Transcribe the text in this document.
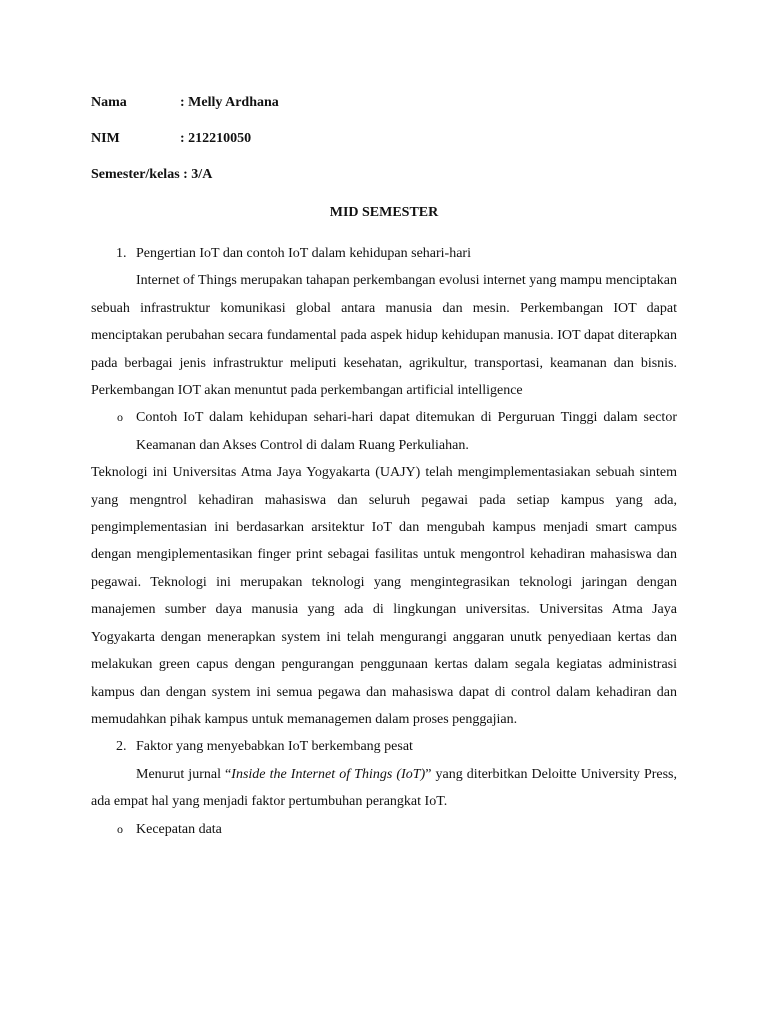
Nama	: Melly Ardhana
NIM	: 212210050
Semester/kelas : 3/A
MID SEMESTER
1. Pengertian IoT dan contoh IoT dalam kehidupan sehari-hari

Internet of Things merupakan tahapan perkembangan evolusi internet yang mampu menciptakan sebuah infrastruktur komunikasi global antara manusia dan mesin. Perkembangan IOT dapat menciptakan perubahan secara fundamental pada aspek hidup kehidupan manusia. IOT dapat diterapkan pada berbagai jenis infrastruktur meliputi kesehatan, agrikultur, transportasi, keamanan dan bisnis. Perkembangan IOT akan menuntut pada perkembangan artificial intelligence

o Contoh IoT dalam kehidupan sehari-hari dapat ditemukan di Perguruan Tinggi dalam sector Keamanan dan Akses Control di dalam Ruang Perkuliahan.

Teknologi ini Universitas Atma Jaya Yogyakarta (UAJY) telah mengimplementasiakan sebuah sintem yang mengntrol kehadiran mahasiswa dan seluruh pegawai pada setiap kampus yang ada, pengimplementasian ini berdasarkan arsitektur IoT dan mengubah kampus menjadi smart campus dengan mengiplementasikan finger print sebagai fasilitas untuk mengontrol kehadiran mahasiswa dan pegawai. Teknologi ini merupakan teknologi yang mengintegrasikan teknologi jaringan dengan manajemen sumber daya manusia yang ada di lingkungan universitas. Universitas Atma Jaya Yogyakarta dengan menerapkan system ini telah mengurangi anggaran unutk penyediaan kertas dan melakukan green capus dengan pengurangan penggunaan kertas dalam segala kegiatas administrasi kampus dan dengan system ini semua pegawa dan mahasiswa dapat di control dalam kehadiran dan memudahkan pihak kampus untuk memanagemen dalam proses penggajian.

2. Faktor yang menyebabkan IoT berkembang pesat

Menurut jurnal “Inside the Internet of Things (IoT)” yang diterbitkan Deloitte University Press, ada empat hal yang menjadi faktor pertumbuhan perangkat IoT.

o Kecepatan data
